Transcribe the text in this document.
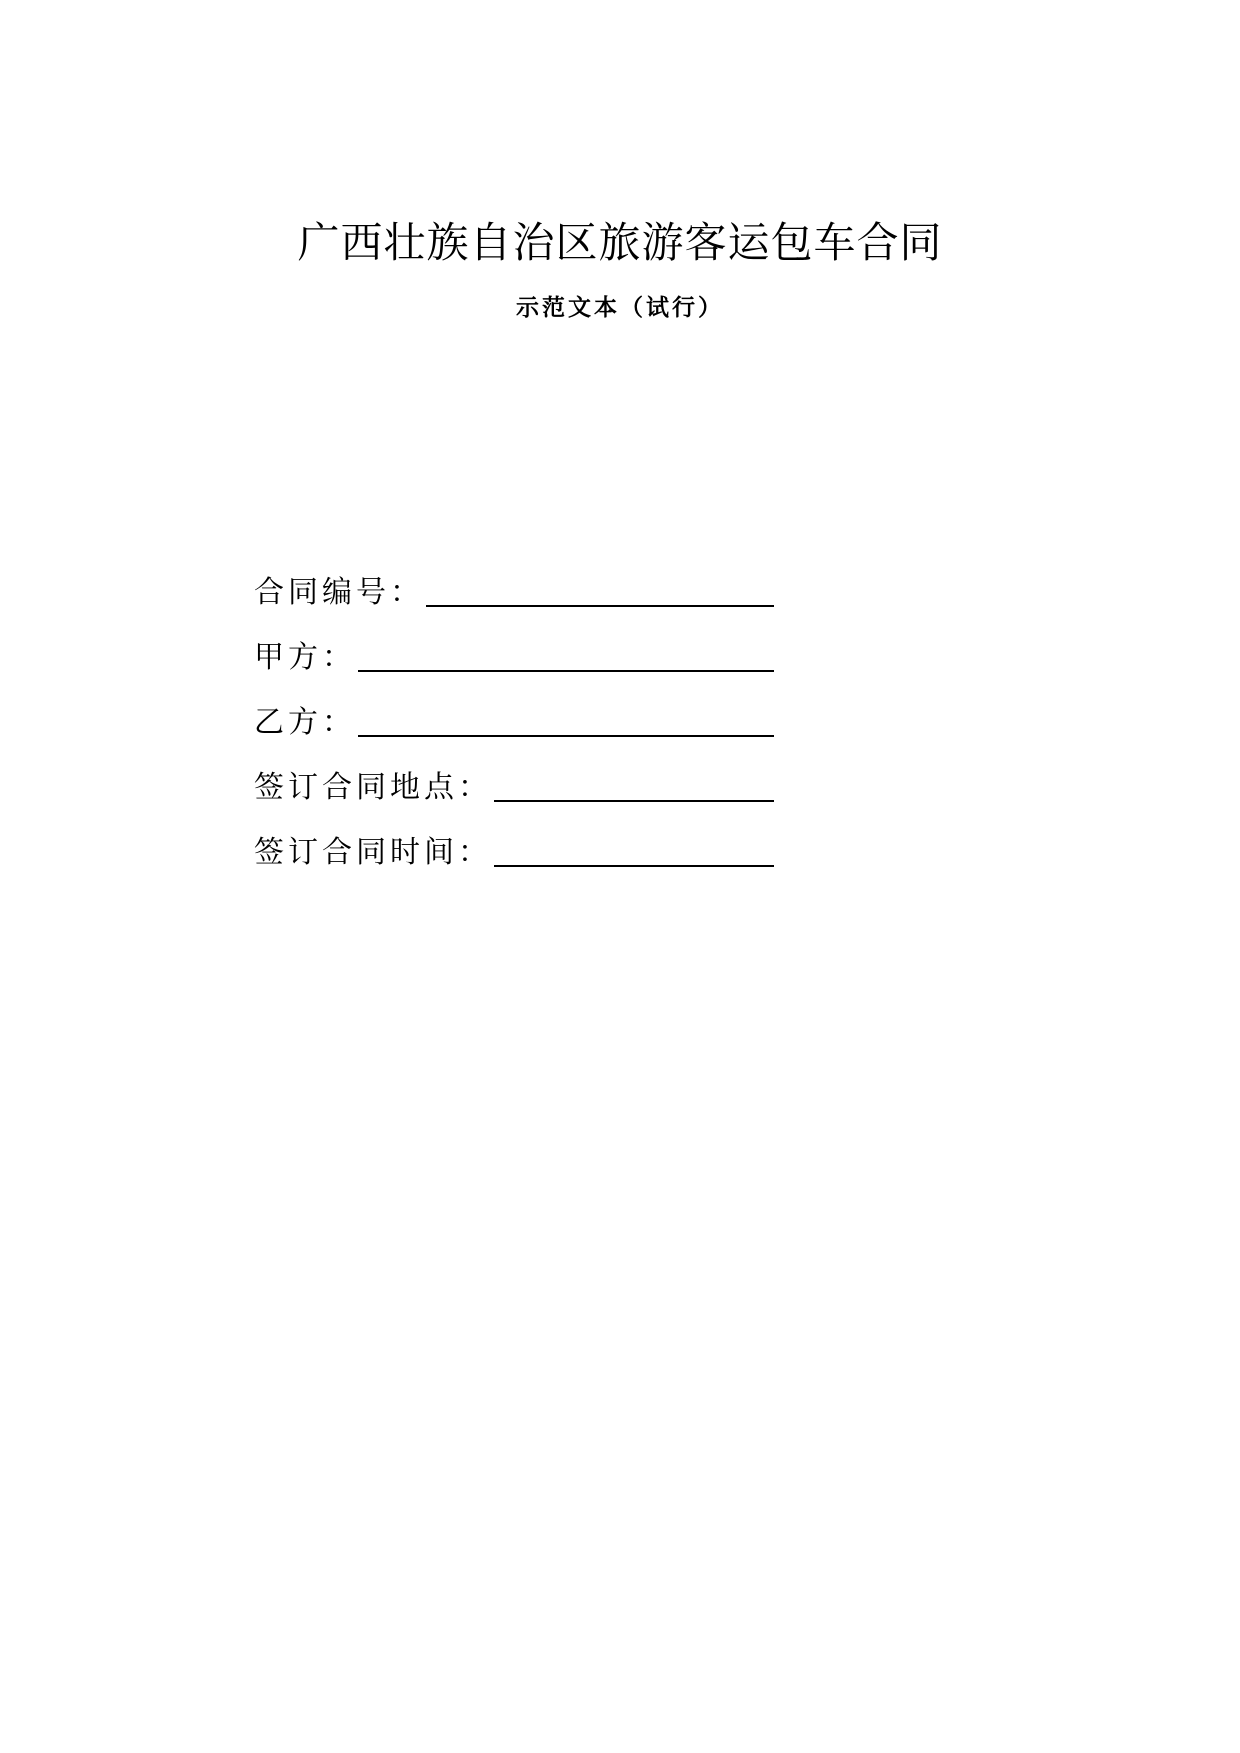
广西壮族自治区旅游客运包车合同
示范文本（试行）
合同编号：
甲方：
乙方：
签订合同地点：
签订合同时间：
